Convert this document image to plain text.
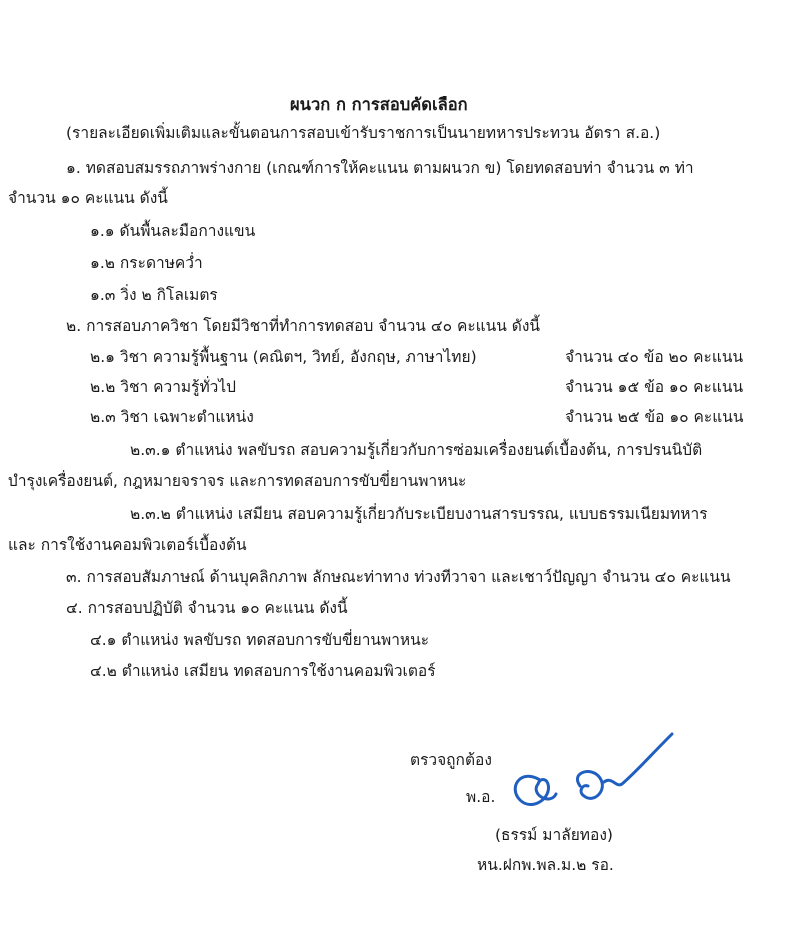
ผนวก ก การสอบคัดเลือก
(รายละเอียดเพิ่มเติมและขั้นตอนการสอบเข้ารับราชการเป็นนายทหารประทวน อัตรา ส.อ.)
๑. ทดสอบสมรรถภาพร่างกาย (เกณฑ์การให้คะแนน ตามผนวก ข) โดยทดสอบท่า จำนวน ๓ ท่า
จำนวน ๑๐ คะแนน ดังนี้
๑.๑ ดันพื้นละมือกางแขน
๑.๒ กระดาษคว่ำ
๑.๓ วิ่ง ๒ กิโลเมตร
๒. การสอบภาควิชา โดยมีวิชาที่ทำการทดสอบ จำนวน ๔๐ คะแนน ดังนี้
๒.๑ วิชา ความรู้พื้นฐาน (คณิตฯ, วิทย์, อังกฤษ, ภาษาไทย)	จำนวน ๔๐ ข้อ ๒๐ คะแนน
๒.๒ วิชา ความรู้ทั่วไป	จำนวน ๑๕ ข้อ ๑๐ คะแนน
๒.๓ วิชา เฉพาะตำแหน่ง	จำนวน ๒๕ ข้อ ๑๐ คะแนน
๒.๓.๑ ตำแหน่ง พลขับรถ สอบความรู้เกี่ยวกับการซ่อมเครื่องยนต์เบื้องต้น, การปรนนิบัติ
บำรุงเครื่องยนต์, กฎหมายจราจร และการทดสอบการขับขี่ยานพาหนะ
๒.๓.๒ ตำแหน่ง เสมียน สอบความรู้เกี่ยวกับระเบียบงานสารบรรณ, แบบธรรมเนียมทหาร
และ การใช้งานคอมพิวเตอร์เบื้องต้น
๓. การสอบสัมภาษณ์ ด้านบุคลิกภาพ ลักษณะท่าทาง ท่วงทีวาจา และเชาว์ปัญญา จำนวน ๔๐ คะแนน
๔. การสอบปฏิบัติ จำนวน ๑๐ คะแนน ดังนี้
๔.๑ ตำแหน่ง พลขับรถ ทดสอบการขับขี่ยานพาหนะ
๔.๒ ตำแหน่ง เสมียน ทดสอบการใช้งานคอมพิวเตอร์
ตรวจถูกต้อง
พ.อ.
(ธรรม์ มาลัยทอง)
หน.ฝกพ.พล.ม.๒ รอ.
